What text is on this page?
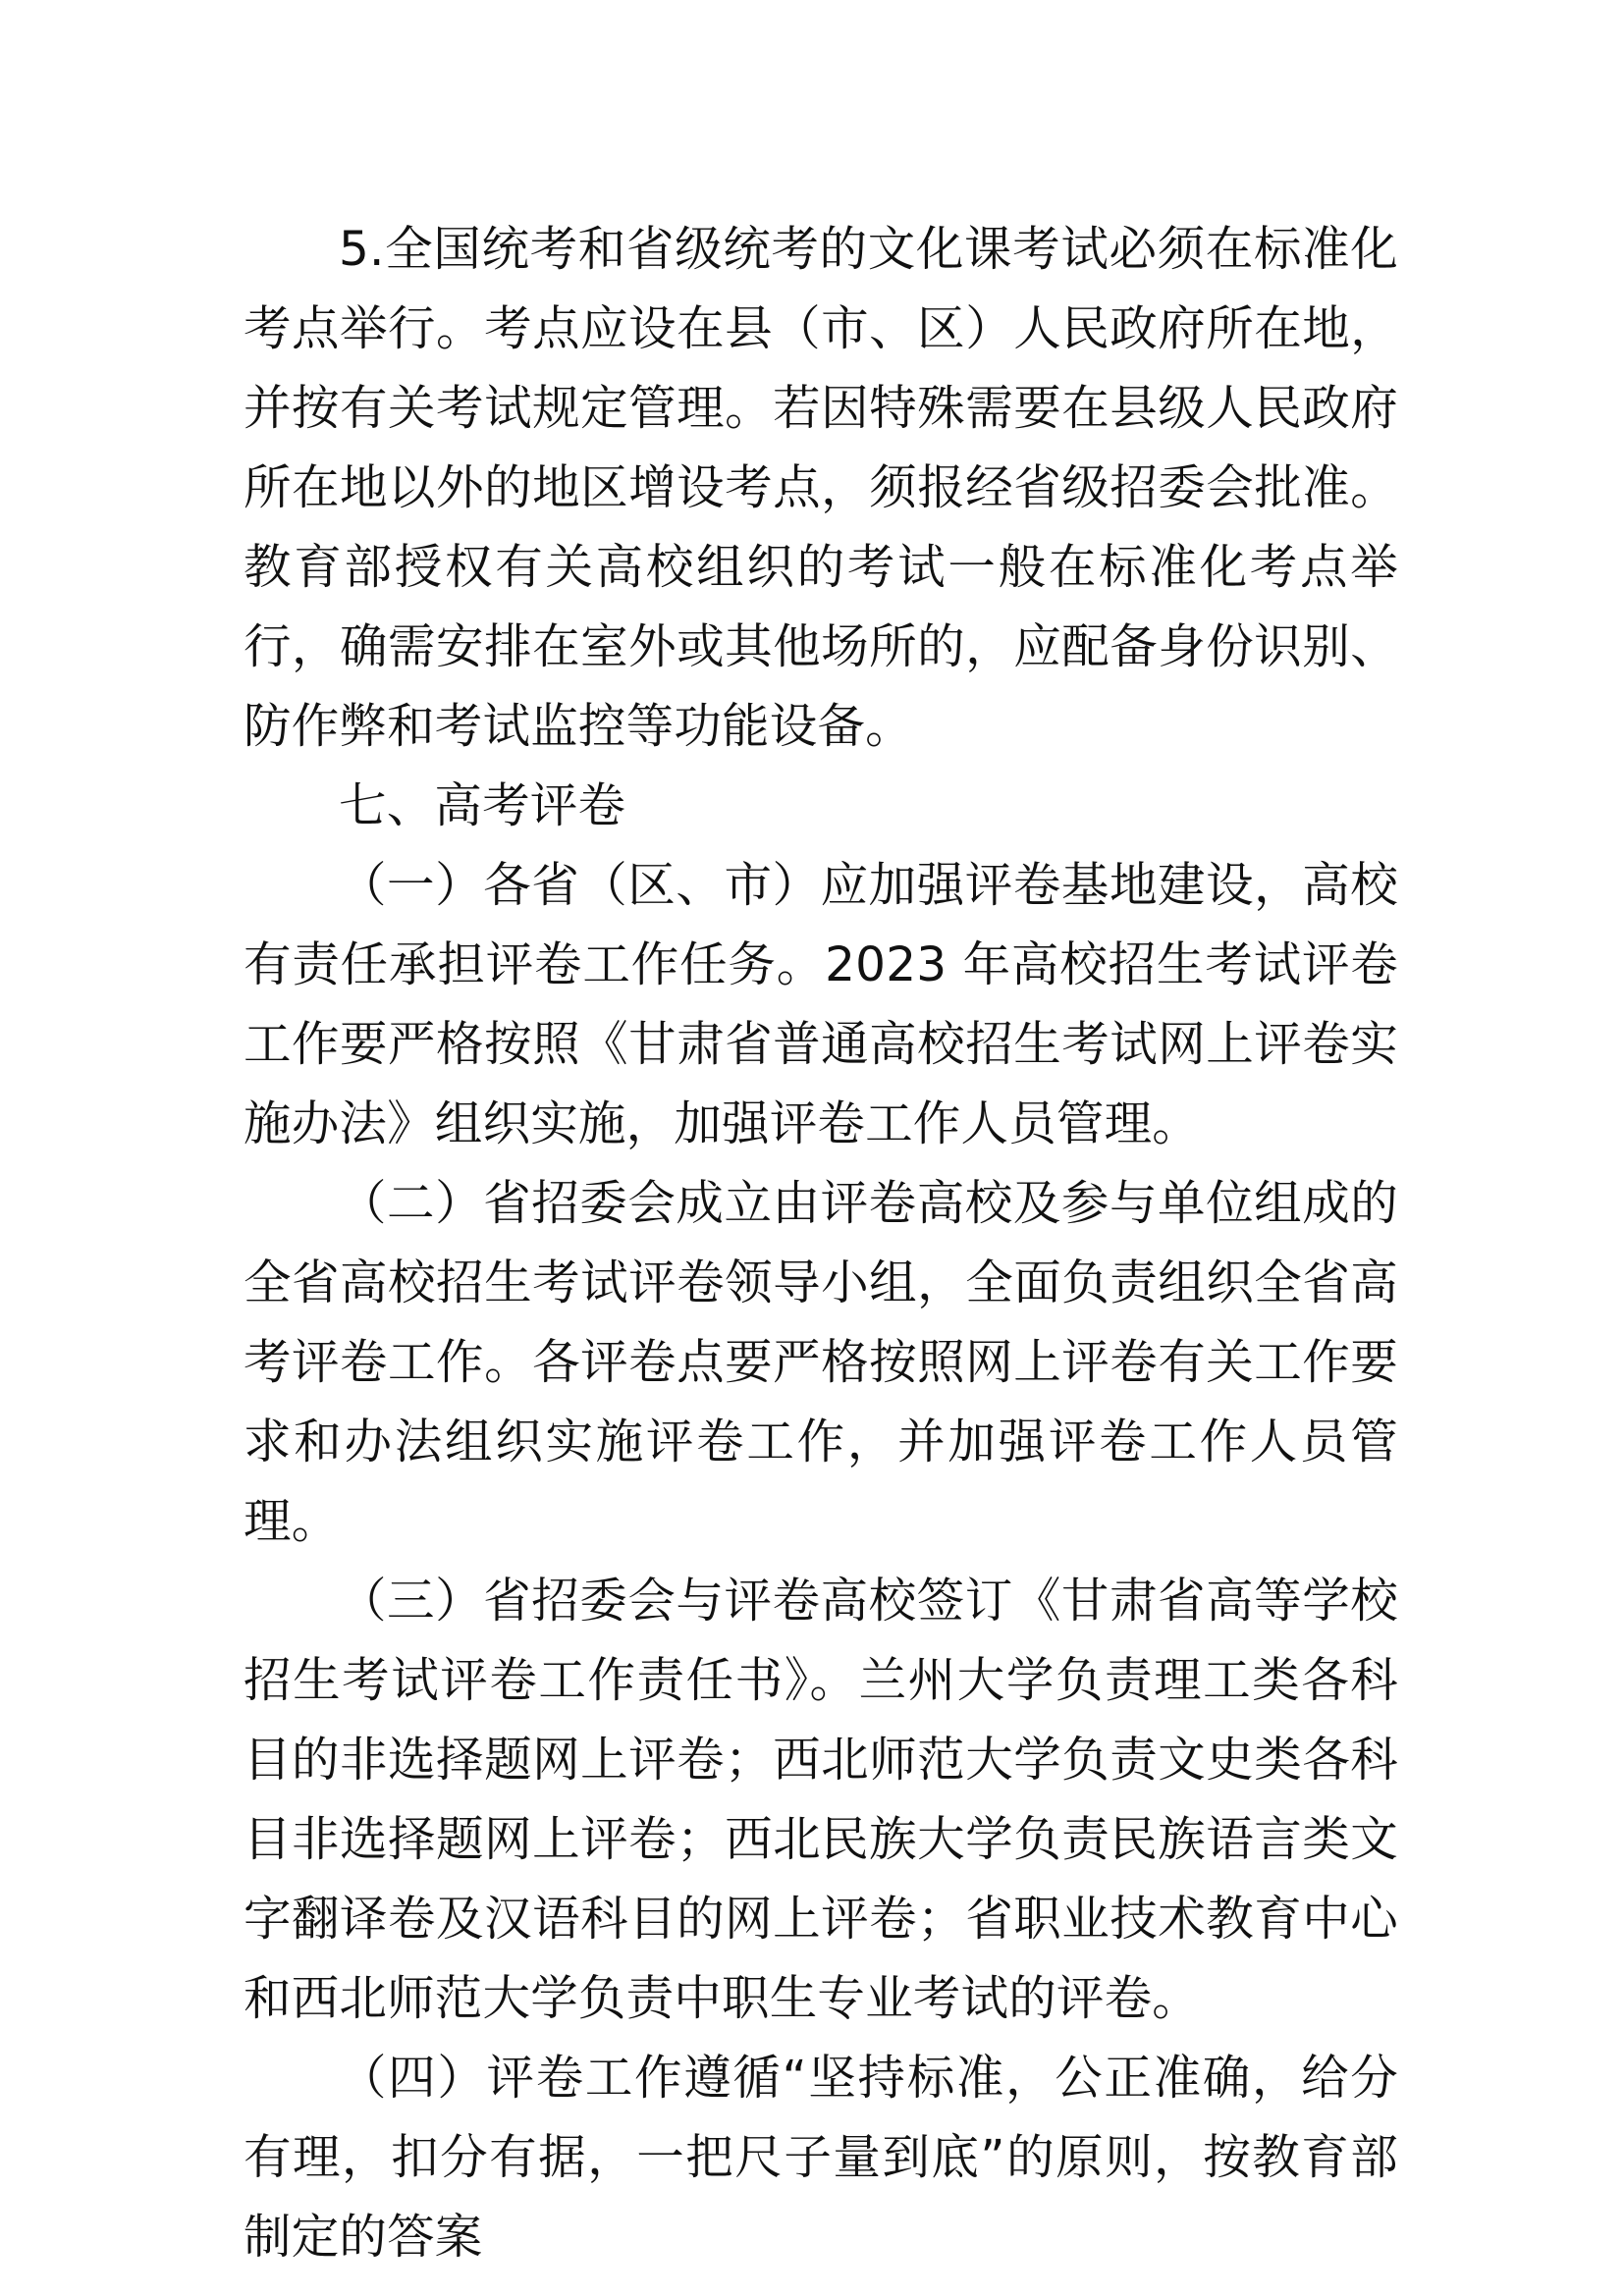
5.全国统考和省级统考的文化课考试必须在标准化考点举行。考点应设在县（市、区）人民政府所在地，并按有关考试规定管理。若因特殊需要在县级人民政府所在地以外的地区增设考点，须报经省级招委会批准。教育部授权有关高校组织的考试一般在标准化考点举行，确需安排在室外或其他场所的，应配备身份识别、防作弊和考试监控等功能设备。

七、高考评卷

（一）各省（区、市）应加强评卷基地建设，高校有责任承担评卷工作任务。2023 年高校招生考试评卷工作要严格按照《甘肃省普通高校招生考试网上评卷实施办法》组织实施，加强评卷工作人员管理。

（二）省招委会成立由评卷高校及参与单位组成的全省高校招生考试评卷领导小组，全面负责组织全省高考评卷工作。各评卷点要严格按照网上评卷有关工作要求和办法组织实施评卷工作，并加强评卷工作人员管理。

（三）省招委会与评卷高校签订《甘肃省高等学校招生考试评卷工作责任书》。兰州大学负责理工类各科目的非选择题网上评卷；西北师范大学负责文史类各科目非选择题网上评卷；西北民族大学负责民族语言类文字翻译卷及汉语科目的网上评卷；省职业技术教育中心和西北师范大学负责中职生专业考试的评卷。

（四）评卷工作遵循“坚持标准，公正准确，给分有理，扣分有据，一把尺子量到底”的原则，按教育部制定的答案
